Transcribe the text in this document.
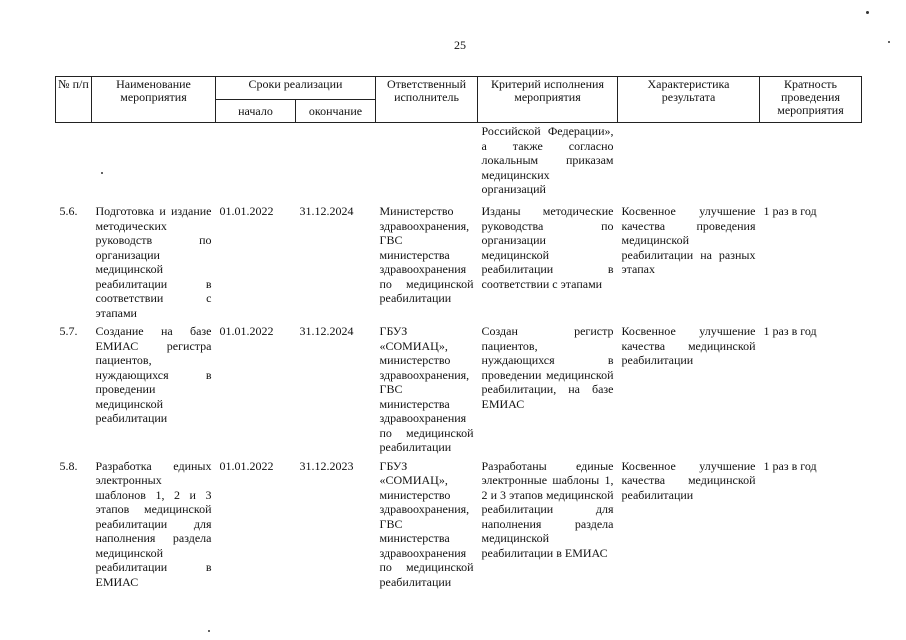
25
№ п/п	Наименование мероприятия	Сроки реализации		Ответственный исполнитель	Критерий исполнения мероприятия	Характеристика результата	Кратность проведения мероприятия
		начало	окончание				
					Российской Федерации», а также согласно локальным приказам медицинских организаций		
5.6.	Подготовка и издание методических руководств по организации медицинской реабилитации в соответствии с этапами	01.01.2022	31.12.2024	Министерство здравоохранения, ГВС министерства здравоохранения по медицинской реабилитации	Изданы методические руководства по организации медицинской реабилитации в соответствии с этапами	Косвенное улучшение качества проведения медицинской реабилитации на разных этапах	1 раз в год
5.7.	Создание на базе ЕМИАС регистра пациентов, нуждающихся в проведении медицинской реабилитации	01.01.2022	31.12.2024	ГБУЗ «СОМИАЦ», министерство здравоохранения, ГВС министерства здравоохранения по медицинской реабилитации	Создан регистр пациентов, нуждающихся в проведении медицинской реабилитации, на базе ЕМИАС	Косвенное улучшение качества медицинской реабилитации	1 раз в год
5.8.	Разработка единых электронных шаблонов 1, 2 и 3 этапов медицинской реабилитации для наполнения раздела медицинской реабилитации в ЕМИАС	01.01.2022	31.12.2023	ГБУЗ «СОМИАЦ», министерство здравоохранения, ГВС министерства здравоохранения по медицинской реабилитации	Разработаны единые электронные шаблоны 1, 2 и 3 этапов медицинской реабилитации для наполнения раздела медицинской реабилитации в ЕМИАС	Косвенное улучшение качества медицинской реабилитации	1 раз в год
